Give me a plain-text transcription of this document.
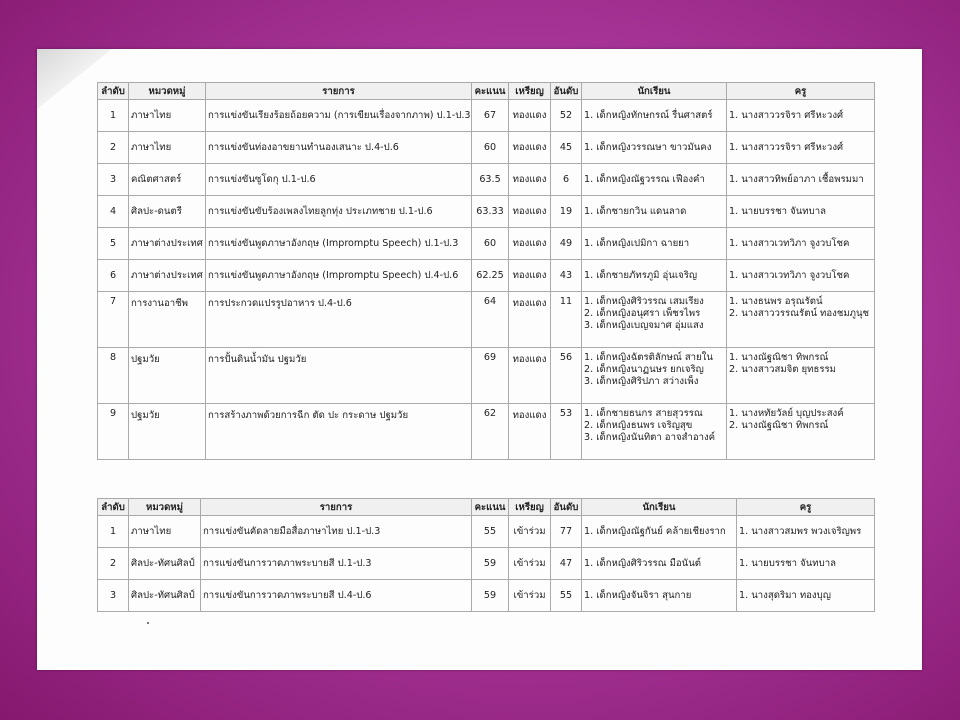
ลำดับ	หมวดหมู่	รายการ	คะแนน	เหรียญ	อันดับ	นักเรียน	ครู
1	ภาษาไทย	การแข่งขันเรียงร้อยถ้อยความ (การเขียนเรื่องจากภาพ) ป.1-ป.3	67	ทองแดง	52	1. เด็กหญิงทักษกรณ์ รื่นศาสตร์	1. นางสาววรจิรา ศรีหะวงศ์

2	ภาษาไทย	การแข่งขันท่องอาขยานทำนองเสนาะ ป.4-ป.6	60	ทองแดง	45	1. เด็กหญิงวรรณษา ขาวมันคง	1. นางสาววรจิรา ศรีหะวงศ์

3	คณิตศาสตร์	การแข่งขันซูโดกุ ป.1-ป.6	63.5	ทองแดง	6	1. เด็กหญิงณัฐวรรณ เฟืองคำ	1. นางสาวทิพย์อาภา เชื้อพรมมา

4	ศิลปะ-ดนตรี	การแข่งขันขับร้องเพลงไทยลูกทุ่ง ประเภทชาย ป.1-ป.6	63.33	ทองแดง	19	1. เด็กชายกวิน แดนลาด	1. นายบรรชา จันทบาล

5	ภาษาต่างประเทศ	การแข่งขันพูดภาษาอังกฤษ (Impromptu Speech) ป.1-ป.3	60	ทองแดง	49	1. เด็กหญิงเปมิกา ฉายยา	1. นางสาวเวทวิภา จูงวบโชค

6	ภาษาต่างประเทศ	การแข่งขันพูดภาษาอังกฤษ (Impromptu Speech) ป.4-ป.6	62.25	ทองแดง	43	1. เด็กชายภัทรภูมิ อุ่นเจริญ	1. นางสาวเวทวิภา จูงวบโชค

7	การงานอาชีพ	การประกวดแปรรูปอาหาร ป.4-ป.6	64	ทองแดง	11	1. เด็กหญิงศิริวรรณ เสมเรียง
2. เด็กหญิงอนุศรา เพ็ชรไพร
3. เด็กหญิงเบญจมาศ อุ่มแสง	1. นางธนพร อรุณรัตน์
2. นางสาววรรณรัตน์ ทองชมภูนุช

8	ปฐมวัย	การปั้นดินน้ำมัน ปฐมวัย	69	ทองแดง	56	1. เด็กหญิงฉัตรติลักษณ์ สายใน
2. เด็กหญิงนาฏนษร ยกเจริญ
3. เด็กหญิงศิริปภา สว่างเพ็ง	1. นางณัฐณิชา ทิพกรณ์
2. นางสาวสมจิต ยุทธรรม

9	ปฐมวัย	การสร้างภาพด้วยการฉีก ตัด ปะ กระดาษ ปฐมวัย	62	ทองแดง	53	1. เด็กชายธนกร สายสุวรรณ
2. เด็กหญิงธนพร เจริญสุข
3. เด็กหญิงนันทิตา อาจสำอางค์	1. นางหทัยวัลย์ บุญประสงค์
2. นางณัฐณิชา ทิพกรณ์
ลำดับ	หมวดหมู่	รายการ	คะแนน	เหรียญ	อันดับ	นักเรียน	ครู
1	ภาษาไทย	การแข่งขันคัดลายมือสื่อภาษาไทย ป.1-ป.3	55	เข้าร่วม	77	1. เด็กหญิงณัฐกันย์ คล้ายเชียงราก	1. นางสาวสมพร พวงเจริญพร

2	ศิลปะ-ทัศนศิลป์	การแข่งขันการวาดภาพระบายสี ป.1-ป.3	59	เข้าร่วม	47	1. เด็กหญิงศิริวรรณ มือนันต์	1. นายบรรชา จันทบาล

3	ศิลปะ-ทัศนศิลป์	การแข่งขันการวาดภาพระบายสี ป.4-ป.6	59	เข้าร่วม	55	1. เด็กหญิงจันจิรา สุนกาย	1. นางสุดริมา ทองบุญ
